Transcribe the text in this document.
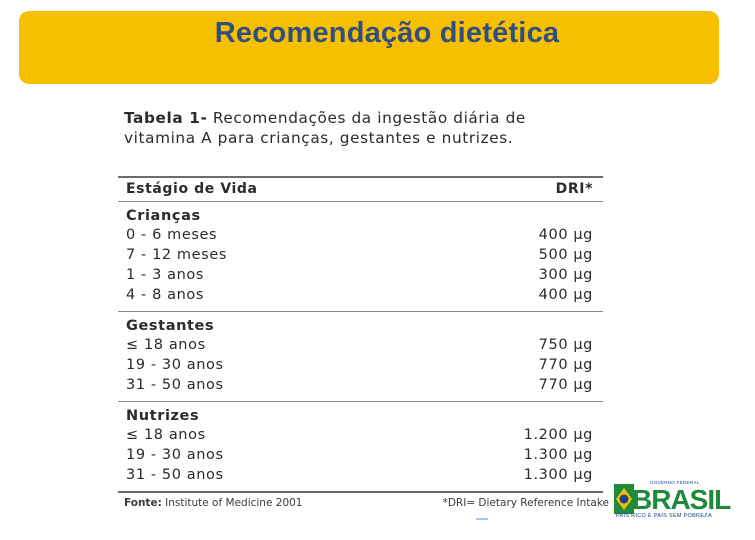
Recomendação dietética

Tabela 1- Recomendações da ingestão diária de vitamina A para crianças, gestantes e nutrizes.

Estágio de Vida	DRI*
Crianças
0 - 6 meses	400 µg
7 - 12 meses	500 µg
1 - 3 anos	300 µg
4 - 8 anos	400 µg
Gestantes
≤ 18 anos	750 µg
19 - 30 anos	770 µg
31 - 50 anos	770 µg
Nutrizes
≤ 18 anos	1.200 µg
19 - 30 anos	1.300 µg
31 - 50 anos	1.300 µg
Fonte: Institute of Medicine 2001	*DRI= Dietary Reference Intake
GOVERNO FEDERAL
BRASIL
PAÍS RICO É PAÍS SEM POBREZA
